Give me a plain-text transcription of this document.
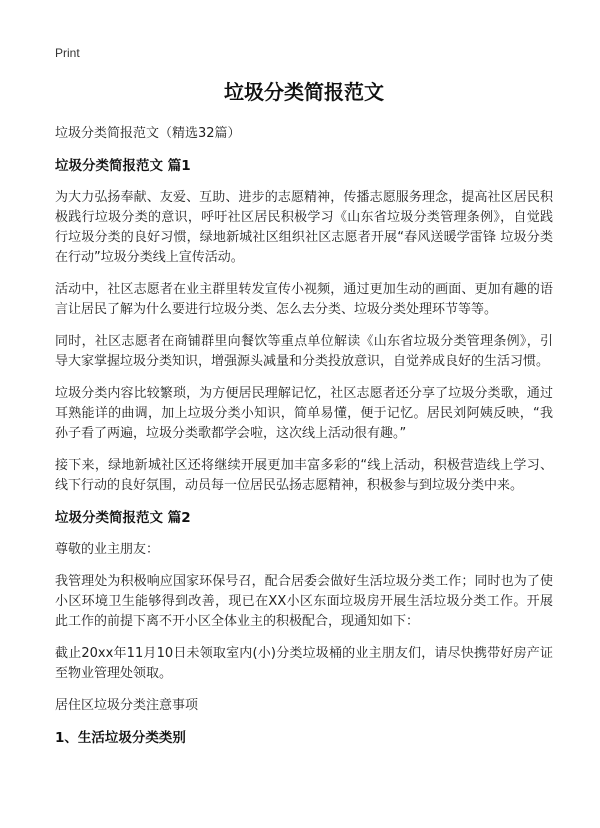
Print
垃圾分类简报范文
垃圾分类简报范文（精选32篇）
垃圾分类简报范文 篇1

为大力弘扬奉献、友爱、互助、进步的志愿精神，传播志愿服务理念，提高社区居民积极践行垃圾分类的意识，呼吁社区居民积极学习《山东省垃圾分类管理条例》，自觉践行垃圾分类的良好习惯，绿地新城社区组织社区志愿者开展“春风送暖学雷锋 垃圾分类在行动”垃圾分类线上宣传活动。

活动中，社区志愿者在业主群里转发宣传小视频，通过更加生动的画面、更加有趣的语言让居民了解为什么要进行垃圾分类、怎么去分类、垃圾分类处理环节等等。

同时，社区志愿者在商铺群里向餐饮等重点单位解读《山东省垃圾分类管理条例》，引导大家掌握垃圾分类知识，增强源头减量和分类投放意识，自觉养成良好的生活习惯。

垃圾分类内容比较繁琐，为方便居民理解记忆，社区志愿者还分享了垃圾分类歌，通过耳熟能详的曲调，加上垃圾分类小知识，简单易懂，便于记忆。居民刘阿姨反映，“我孙子看了两遍，垃圾分类歌都学会啦，这次线上活动很有趣。”

接下来，绿地新城社区还将继续开展更加丰富多彩的“线上活动，积极营造线上学习、线下行动的良好氛围，动员每一位居民弘扬志愿精神，积极参与到垃圾分类中来。

垃圾分类简报范文 篇2

尊敬的业主朋友：

我管理处为积极响应国家环保号召，配合居委会做好生活垃圾分类工作；同时也为了使小区环境卫生能够得到改善，现已在XX小区东面垃圾房开展生活垃圾分类工作。开展此工作的前提下离不开小区全体业主的积极配合，现通知如下：

截止20xx年11月10日未领取室内(小)分类垃圾桶的业主朋友们，请尽快携带好房产证至物业管理处领取。

居住区垃圾分类注意事项

1、生活垃圾分类类别
